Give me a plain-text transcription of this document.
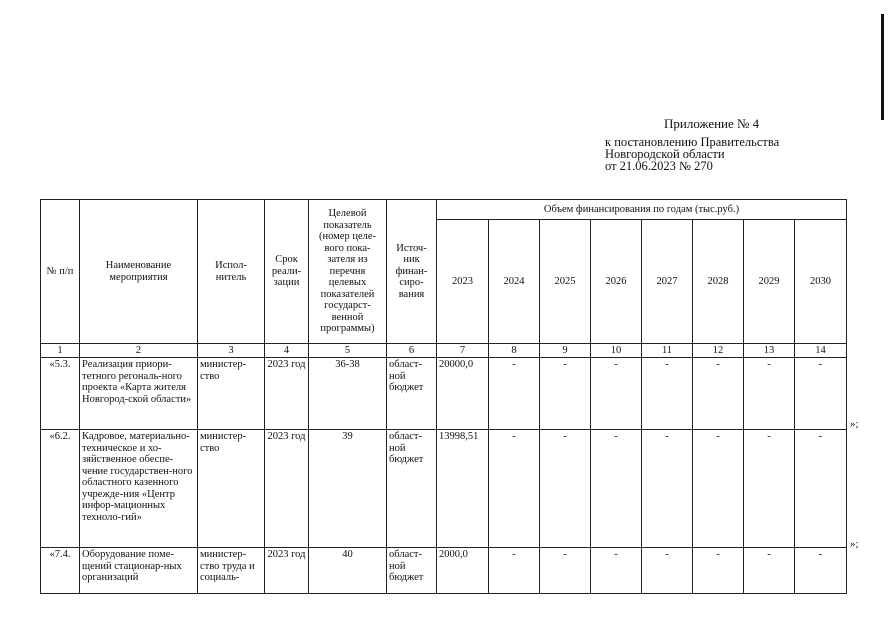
Приложение № 4
к постановлению Правительства
Новгородской области
от 21.06.2023 № 270
№ п/п	Наименование мероприятия	Испол-нитель	Срок реали-зации	Целевой показатель (номер целе-вого пока-зателя из перечня целевых показателей государст-венной программы)	Источ-ник финан-сиро-вания	Объем финансирования по годам (тыс.руб.)							
						2023	2024	2025	2026	2027	2028	2029	2030
1	2	3	4	5	6	7	8	9	10	11	12	13	14
«5.3.	Реализация приори-тетного регональ-ного проекта «Карта жителя Новгород-ской области»	министер-ство	2023 год	36-38	област-ной бюджет	20000,0	-	-	-	-	-	-	-
«6.2.	Кадровое, материально-техническое и хо-зяйственное обеспе-чение государствен-ного областного казенного учрежде-ния «Центр инфор-мационных техноло-гий»	министер-ство	2023 год	39	област-ной бюджет	13998,51	-	-	-	-	-	-	-
«7.4.	Оборудование поме-щений стационар-ных организаций	министер-ство труда и социаль-	2023 год	40	област-ной бюджет	2000,0	-	-	-	-	-	-	-
»;
»;
